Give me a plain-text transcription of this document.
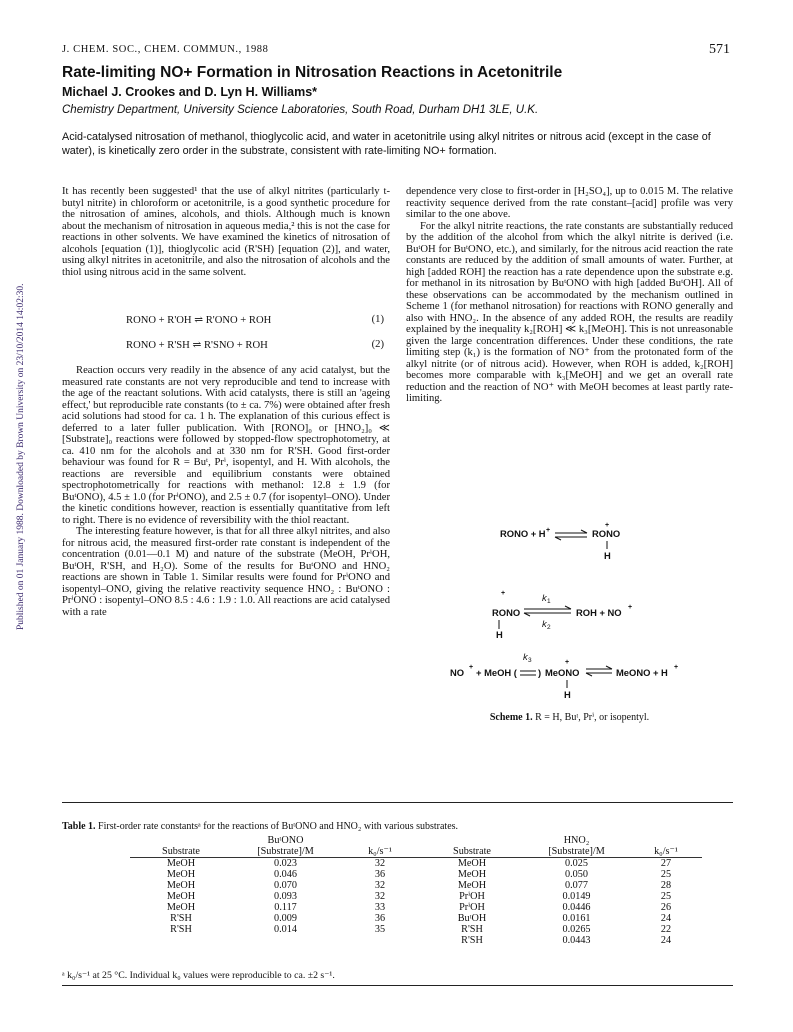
Published on 01 January 1988. Downloaded by Brown University on 23/10/2014 14:02:30.
J. CHEM. SOC., CHEM. COMMUN., 1988	571
Rate-limiting NO+ Formation in Nitrosation Reactions in Acetonitrile
Michael J. Crookes and D. Lyn H. Williams*
Chemistry Department, University Science Laboratories, South Road, Durham DH1 3LE, U.K.
Acid-catalysed nitrosation of methanol, thioglycolic acid, and water in acetonitrile using alkyl nitrites or nitrous acid (except in the case of water), is kinetically zero order in the substrate, consistent with rate-limiting NO+ formation.

It has recently been suggested¹ that the use of alkyl nitrites (particularly t-butyl nitrite) in chloroform or acetonitrile, is a good synthetic procedure for the nitrosation of amines, alcohols, and thiols. Although much is known about the mechanism of nitrosation in aqueous media,² this is not the case for reactions in other solvents. We have examined the kinetics of nitrosation of alcohols [equation (1)], thioglycolic acid (R'SH) [equation (2)], and water, using alkyl nitrites in acetonitrile, and also the nitrosation of alcohols and the thiol using nitrous acid in the same solvent.

RONO + R'OH ⇌ R'ONO + ROH	(1)
RONO + R'SH ⇌ R'SNO + ROH	(2)

Reaction occurs very readily in the absence of any acid catalyst, but the measured rate constants are not very reproducible and tend to increase with the age of the reactant solutions. With acid catalysts, there is still an 'ageing effect,' but reproducible rate constants (to ± ca. 7%) were obtained after fresh acid solutions had stood for ca. 1 h. The explanation of this curious effect is deferred to a later fuller publication. With [RONO]₀ or [HNO₂]₀ ≪ [Substrate]₀ reactions were followed by stopped-flow spectrophotometry, at ca. 410 nm for the alcohols and at 330 nm for R'SH. Good first-order behaviour was found for R = Buᵗ, Prⁱ, isopentyl, and H. With alcohols, the reactions are reversible and equilibrium constants were obtained spectrophotometrically for reactions with methanol: 12.8 ± 1.9 (for BuᵗONO), 4.5 ± 1.0 (for PrⁱONO), and 2.5 ± 0.7 (for isopentyl–ONO). Under the kinetic conditions however, reaction is essentially quantitative from left to right. There is no evidence of reversibility with the thiol reactant.

The interesting feature however, is that for all three alkyl nitrites, and also for nitrous acid, the measured first-order rate constant is independent of the concentration (0.01—0.1 M) and nature of the substrate (MeOH, PrⁱOH, BuᵗOH, R'SH, and H₂O). Some of the results for BuᵗONO and HNO₂ reactions are shown in Table 1. Similar results were found for PrⁱONO and isopentyl–ONO, giving the relative reactivity sequence HNO₂ : BuᵗONO : PrⁱONO : isopentyl–ONO 8.5 : 4.6 : 1.9 : 1.0. All reactions are acid catalysed with a rate

dependence very close to first-order in [H₂SO₄], up to 0.015 M. The relative reactivity sequence derived from the rate constant–[acid] profile was very similar to the one above.

For the alkyl nitrite reactions, the rate constants are substantially reduced by the addition of the alcohol from which the alkyl nitrite is derived (i.e. BuᵗOH for BuᵗONO, etc.), and similarly, for the nitrous acid reaction the rate constants are reduced by the addition of small amounts of water. Further, at high [added ROH] the reaction has a rate dependence upon the substrate e.g. for methanol in its nitrosation by BuᵗONO with high [added BuᵗOH]. All of these observations can be accommodated by the mechanism outlined in Scheme 1 (for methanol nitrosation) for reactions with RONO generally and also with HNO₂. In the absence of any added ROH, the results are readily explained by the inequality k₂[ROH] ≪ k₃[MeOH]. This is not unreasonable given the large concentration differences. Under these conditions, the rate limiting step (k₁) is the formation of NO⁺ from the protonated form of the alkyl nitrite (or of nitrous acid). However, when ROH is added, k₂[ROH] becomes more comparable with k₃[MeOH] and we get an overall rate reduction and the reaction of NO⁺ with MeOH becomes at least partly rate-limiting.

RONO + H +
+
RONO
H
+
RONO
H
k 1
k 2
ROH + NO +
k 3
NO + + MeOH ( )
+
MeONO
H
MeONO + H +
Scheme 1. R = H, Buᵗ, Prⁱ, or isopentyl.
Table 1. First-order rate constantsᵃ for the reactions of BuᵗONO and HNO₂ with various substrates.
	BuᵗONO			HNO₂	
Substrate	[Substrate]/M	k₀/s⁻¹	Substrate	[Substrate]/M	k₀/s⁻¹
MeOH	0.023	32	MeOH	0.025	27
MeOH	0.046	36	MeOH	0.050	25
MeOH	0.070	32	MeOH	0.077	28
MeOH	0.093	32	PrⁱOH	0.0149	25
MeOH	0.117	33	PrⁱOH	0.0446	26
R'SH	0.009	36	BuᵗOH	0.0161	24
R'SH	0.014	35	R'SH	0.0265	22
			R'SH	0.0443	24
ᵃ k₀/s⁻¹ at 25 °C. Individual k₀ values were reproducible to ca. ±2 s⁻¹.
